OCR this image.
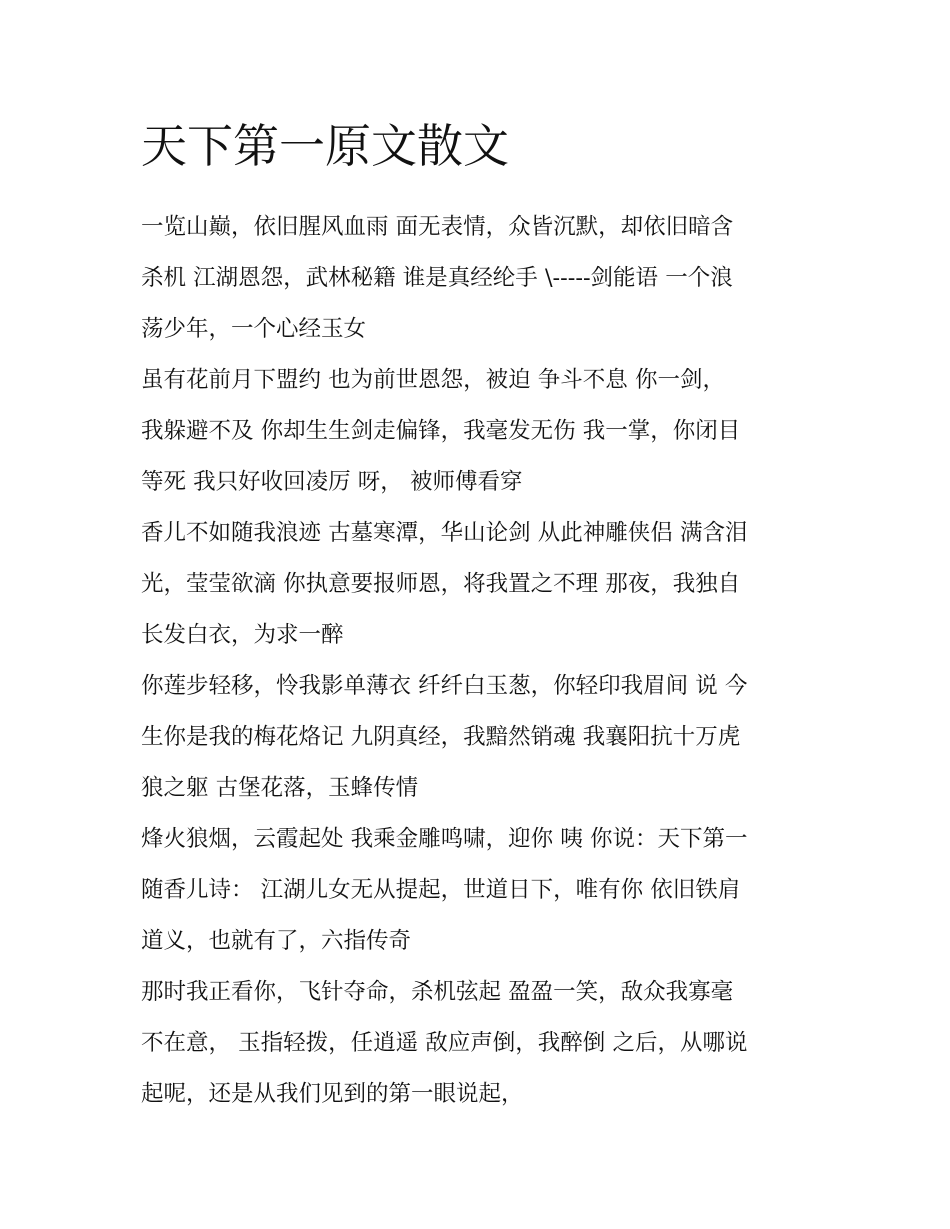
天下第一原文散文
一览山巅，依旧腥风血雨 面无表情，众皆沉默，却依旧暗含
杀机 江湖恩怨，武林秘籍 谁是真经纶手 \-----剑能语 一个浪
荡少年，一个心经玉女
虽有花前月下盟约 也为前世恩怨，被迫 争斗不息 你一剑，
我躲避不及 你却生生剑走偏锋，我毫发无伤 我一掌，你闭目
等死 我只好收回凌厉 呀， 被师傅看穿
香儿不如随我浪迹 古墓寒潭，华山论剑 从此神雕侠侣 满含泪
光，莹莹欲滴 你执意要报师恩，将我置之不理 那夜，我独自
长发白衣，为求一醉
你莲步轻移，怜我影单薄衣 纤纤白玉葱，你轻印我眉间 说 今
生你是我的梅花烙记 九阴真经，我黯然销魂 我襄阳抗十万虎
狼之躯 古堡花落，玉蜂传情
烽火狼烟，云霞起处 我乘金雕鸣啸，迎你 咦 你说：天下第一
随香儿诗： 江湖儿女无从提起，世道日下，唯有你 依旧铁肩
道义，也就有了，六指传奇
那时我正看你，飞针夺命，杀机弦起 盈盈一笑，敌众我寡毫
不在意， 玉指轻拨，任逍遥 敌应声倒，我醉倒 之后，从哪说
起呢，还是从我们见到的第一眼说起，
